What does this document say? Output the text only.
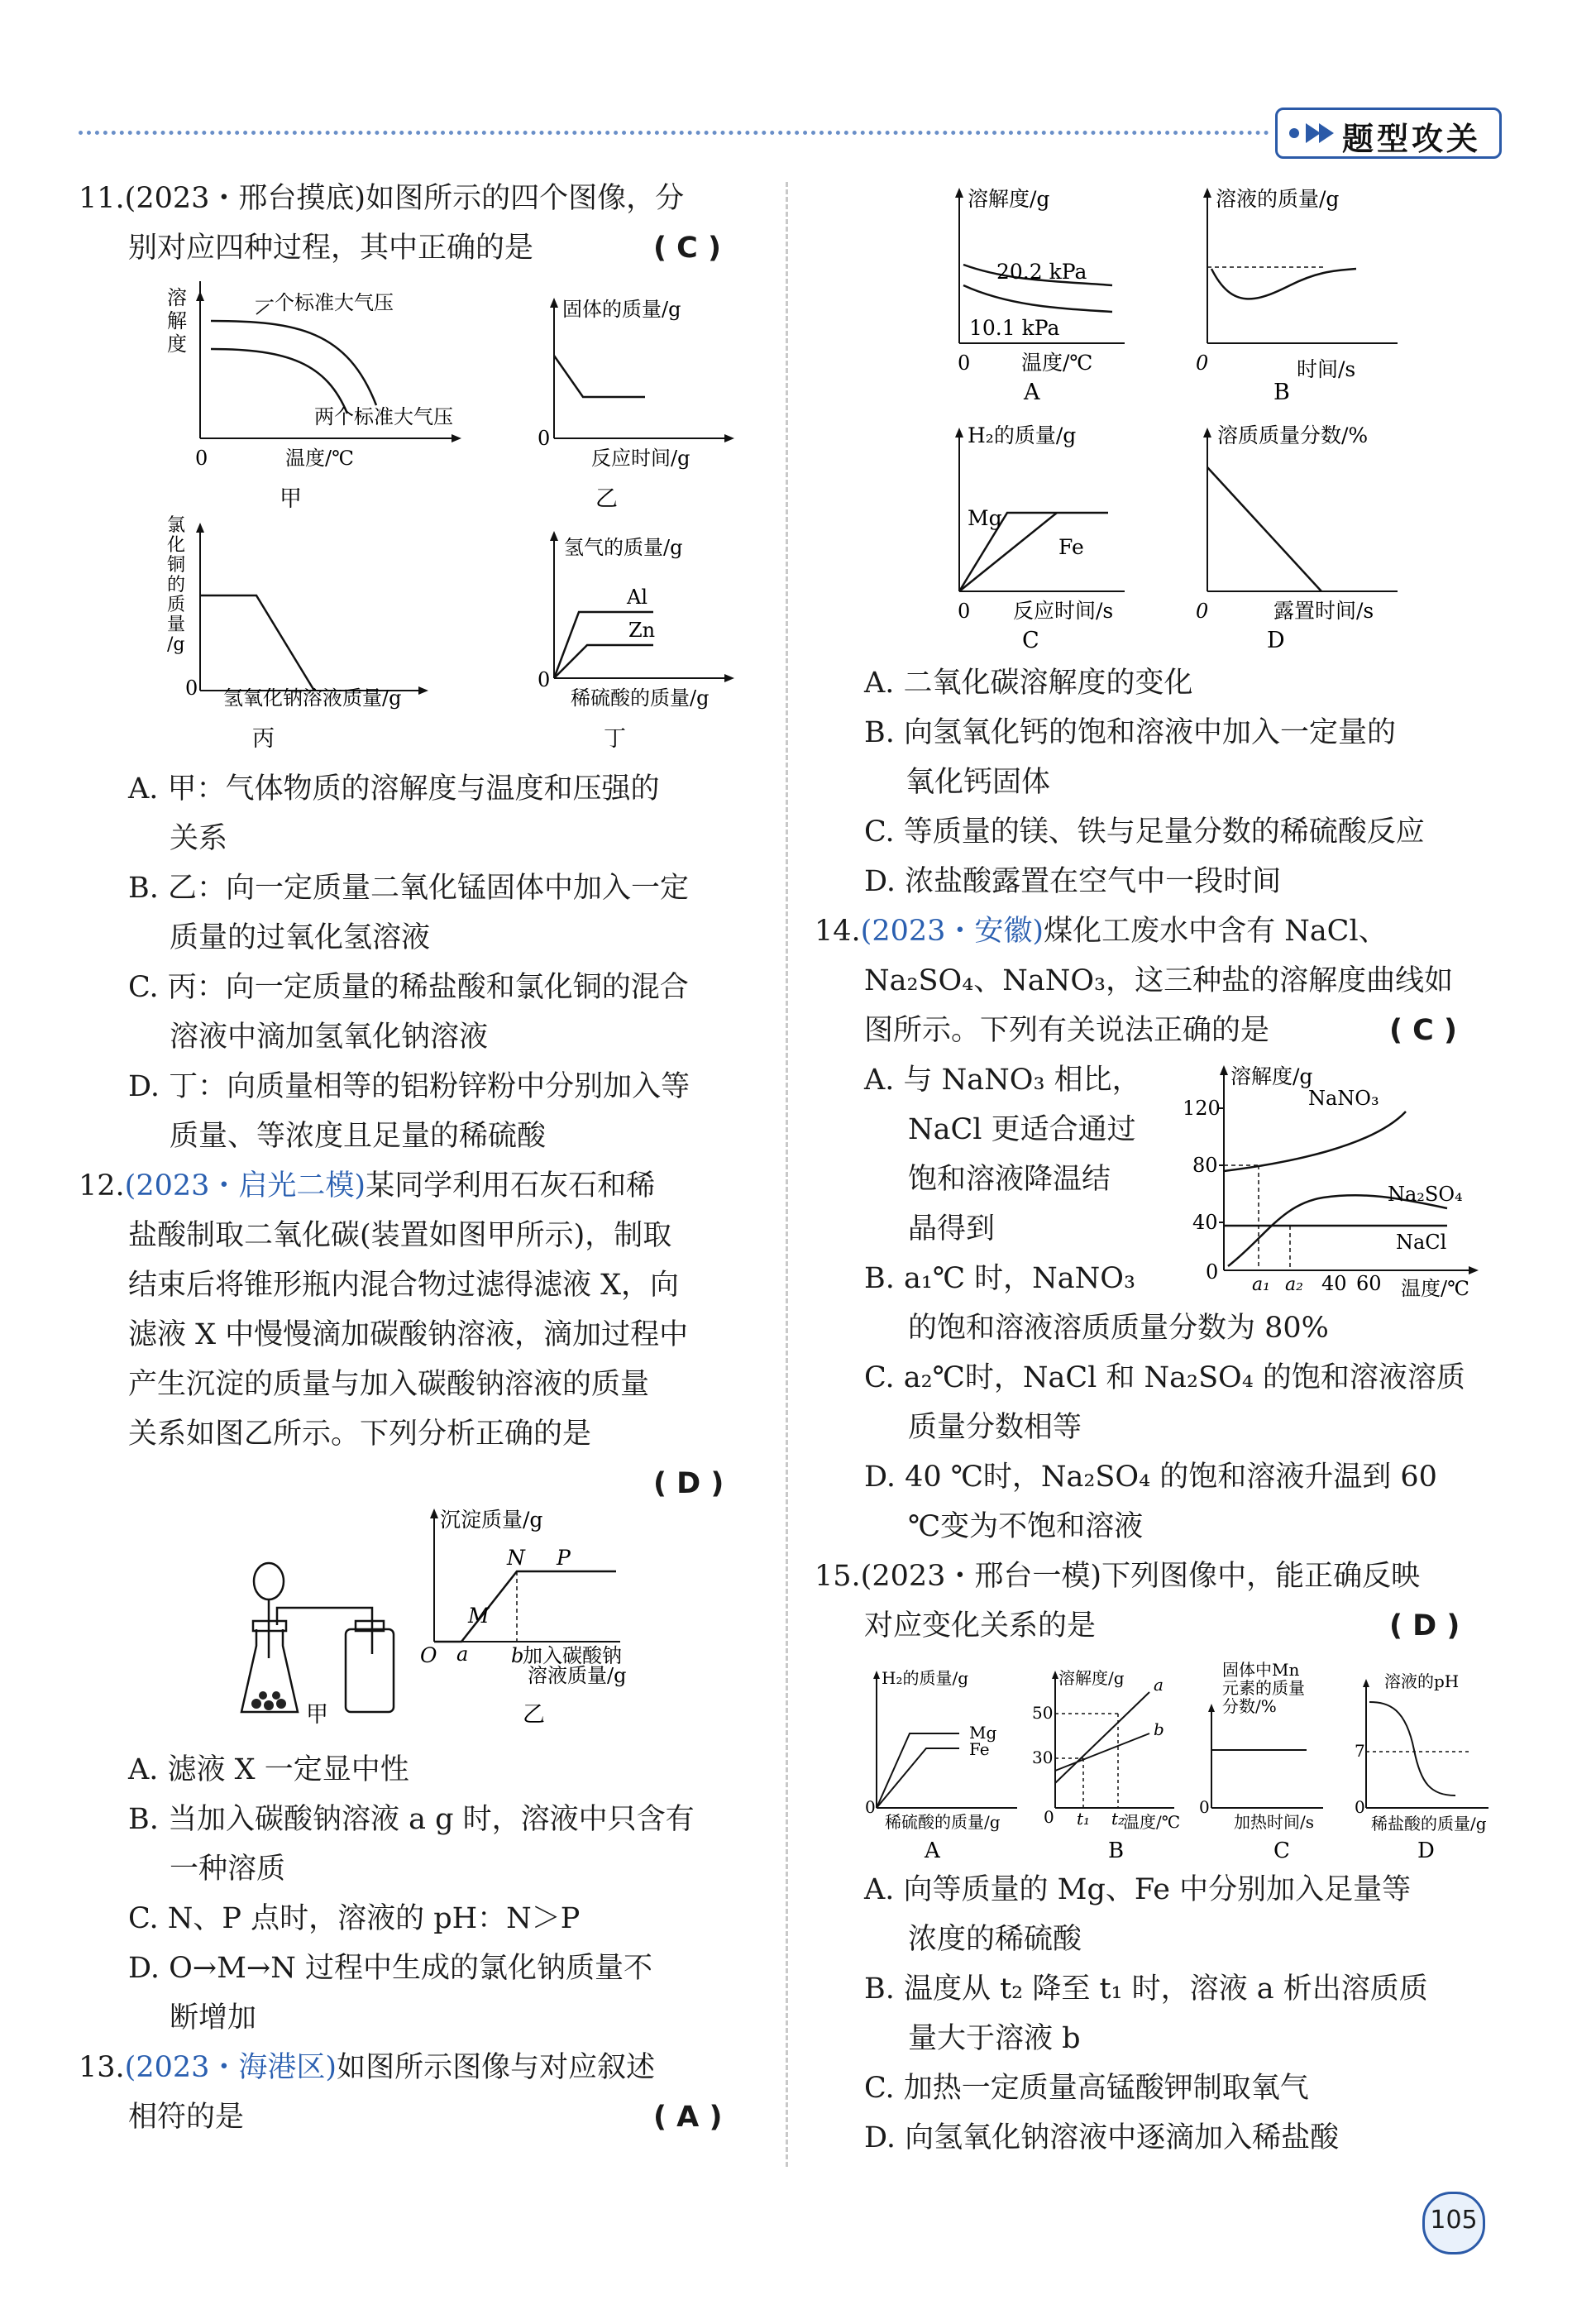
题型攻关
11.(2023・邢台摸底)如图所示的四个图像，分
别对应四种过程，其中正确的是	( C )
溶
解
度
一个标准大气压
两个标准大气压
0	温度/℃
甲
固体的质量/g
0
反应时间/g
乙
氯
化
铜
的
质
量
/g
0 氢氧化钠溶液质量/g
丙
氢气的质量/g
Al
Zn
0
稀硫酸的质量/g
丁
A. 甲：气体物质的溶解度与温度和压强的
关系
B. 乙：向一定质量二氧化锰固体中加入一定
质量的过氧化氢溶液
C. 丙：向一定质量的稀盐酸和氯化铜的混合
溶液中滴加氢氧化钠溶液
D. 丁：向质量相等的铝粉锌粉中分别加入等
质量、等浓度且足量的稀硫酸
12.(2023・启光二模)某同学利用石灰石和稀
盐酸制取二氧化碳(装置如图甲所示)，制取
结束后将锥形瓶内混合物过滤得滤液 X，向
滤液 X 中慢慢滴加碳酸钠溶液，滴加过程中
产生沉淀的质量与加入碳酸钠溶液的质量
关系如图乙所示。下列分析正确的是
( D )
甲
沉淀质量/g
N P
M
O a b
加入碳酸钠
溶液质量/g
乙
A. 滤液 X 一定显中性
B. 当加入碳酸钠溶液 a g 时，溶液中只含有
一种溶质
C. N、P 点时，溶液的 pH：N＞P
D. O→M→N 过程中生成的氯化钠质量不
断增加
13.(2023・海港区)如图所示图像与对应叙述
相符的是	( A )
溶解度/g
20.2 kPa
10.1 kPa
0 温度/℃
A
溶液的质量/g
0	时间/s
B
H₂的质量/g
Mg
Fe
0 反应时间/s
C
溶质质量分数/%
0	露置时间/s
D
A. 二氧化碳溶解度的变化
B. 向氢氧化钙的饱和溶液中加入一定量的
氧化钙固体
C. 等质量的镁、铁与足量分数的稀硫酸反应
D. 浓盐酸露置在空气中一段时间
14.(2023・安徽)煤化工废水中含有 NaCl、
Na₂SO₄、NaNO₃，这三种盐的溶解度曲线如
图所示。下列有关说法正确的是	( C )
A. 与 NaNO₃ 相比，
NaCl 更适合通过
饱和溶液降温结
晶得到
B. a₁℃ 时，NaNO₃
的饱和溶液溶质质量分数为 80%
C. a₂℃时，NaCl 和 Na₂SO₄ 的饱和溶液溶质
质量分数相等
D. 40 ℃时，Na₂SO₄ 的饱和溶液升温到 60
℃变为不饱和溶液
溶解度/g
120
80
40
0
a₁ a₂ 40 60 温度/℃
NaNO₃
Na₂SO₄
NaCl
15.(2023・邢台一模)下列图像中，能正确反映
对应变化关系的是	( D )
H₂的质量/g
Mg
Fe
0
稀硫酸的质量/g
A
溶解度/g a
b
50
30
0 t₁ t₂
温度/℃
B
固体中Mn
元素的质量
分数/%
0
加热时间/s
C
溶液的pH
7
0
稀盐酸的质量/g
D
A. 向等质量的 Mg、Fe 中分别加入足量等
浓度的稀硫酸
B. 温度从 t₂ 降至 t₁ 时，溶液 a 析出溶质质
量大于溶液 b
C. 加热一定质量高锰酸钾制取氧气
D. 向氢氧化钠溶液中逐滴加入稀盐酸
105
